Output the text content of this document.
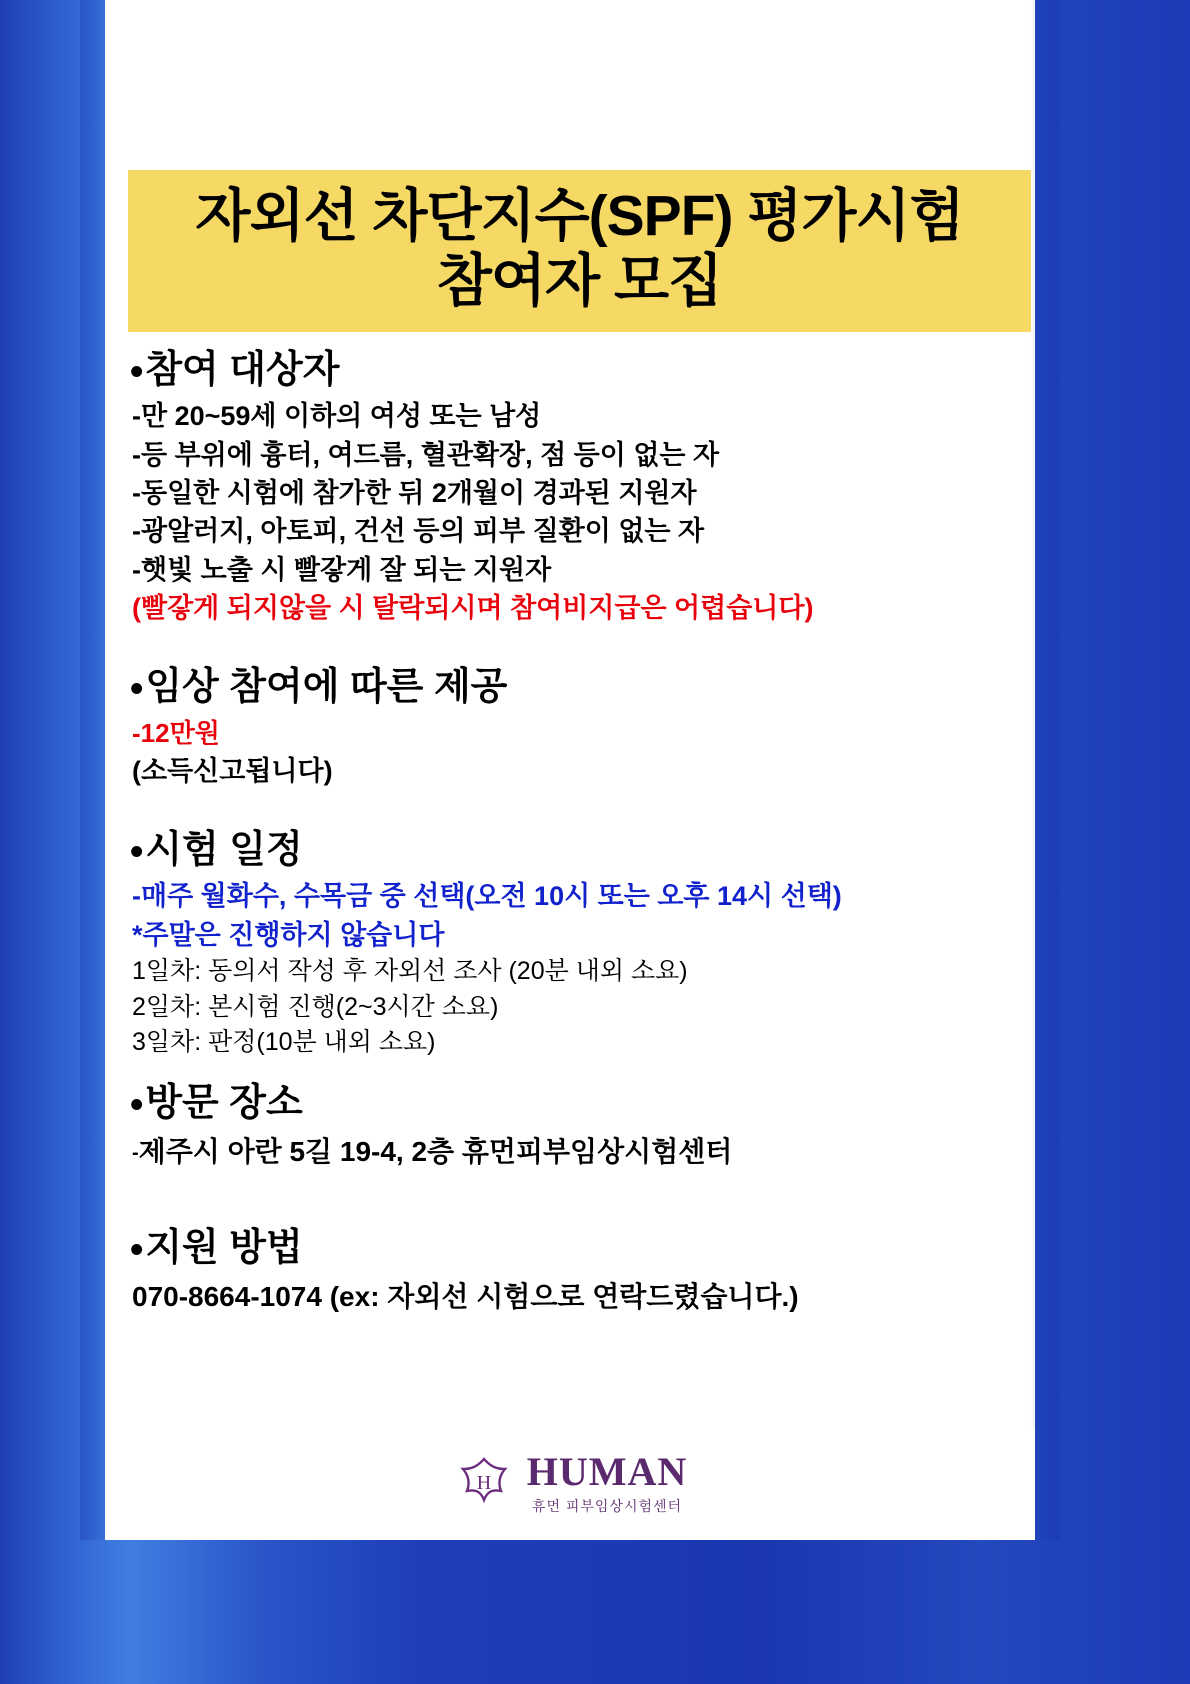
자외선 차단지수(SPF) 평가시험
참여자 모집
•참여 대상자
-만 20~59세 이하의 여성 또는 남성
-등 부위에 흉터, 여드름, 혈관확장, 점 등이 없는 자
-동일한 시험에 참가한 뒤 2개월이 경과된 지원자
-광알러지, 아토피, 건선 등의 피부 질환이 없는 자
-햇빛 노출 시 빨갛게 잘 되는 지원자
(빨갛게 되지않을 시 탈락되시며 참여비지급은 어렵습니다)
•임상 참여에 따른 제공
-12만원
(소득신고됩니다)
•시험 일정
-매주 월화수, 수목금 중 선택(오전 10시 또는 오후 14시 선택)
*주말은 진행하지 않습니다
1일차: 동의서 작성 후 자외선 조사 (20분 내외 소요)
2일차: 본시험 진행(2~3시간 소요)
3일차: 판정(10분 내외 소요)
•방문 장소
-제주시 아란 5길 19-4, 2층 휴먼피부임상시험센터
•지원 방법
070-8664-1074 (ex: 자외선 시험으로 연락드렸습니다.)
H HUMAN
휴먼 피부임상시험센터
